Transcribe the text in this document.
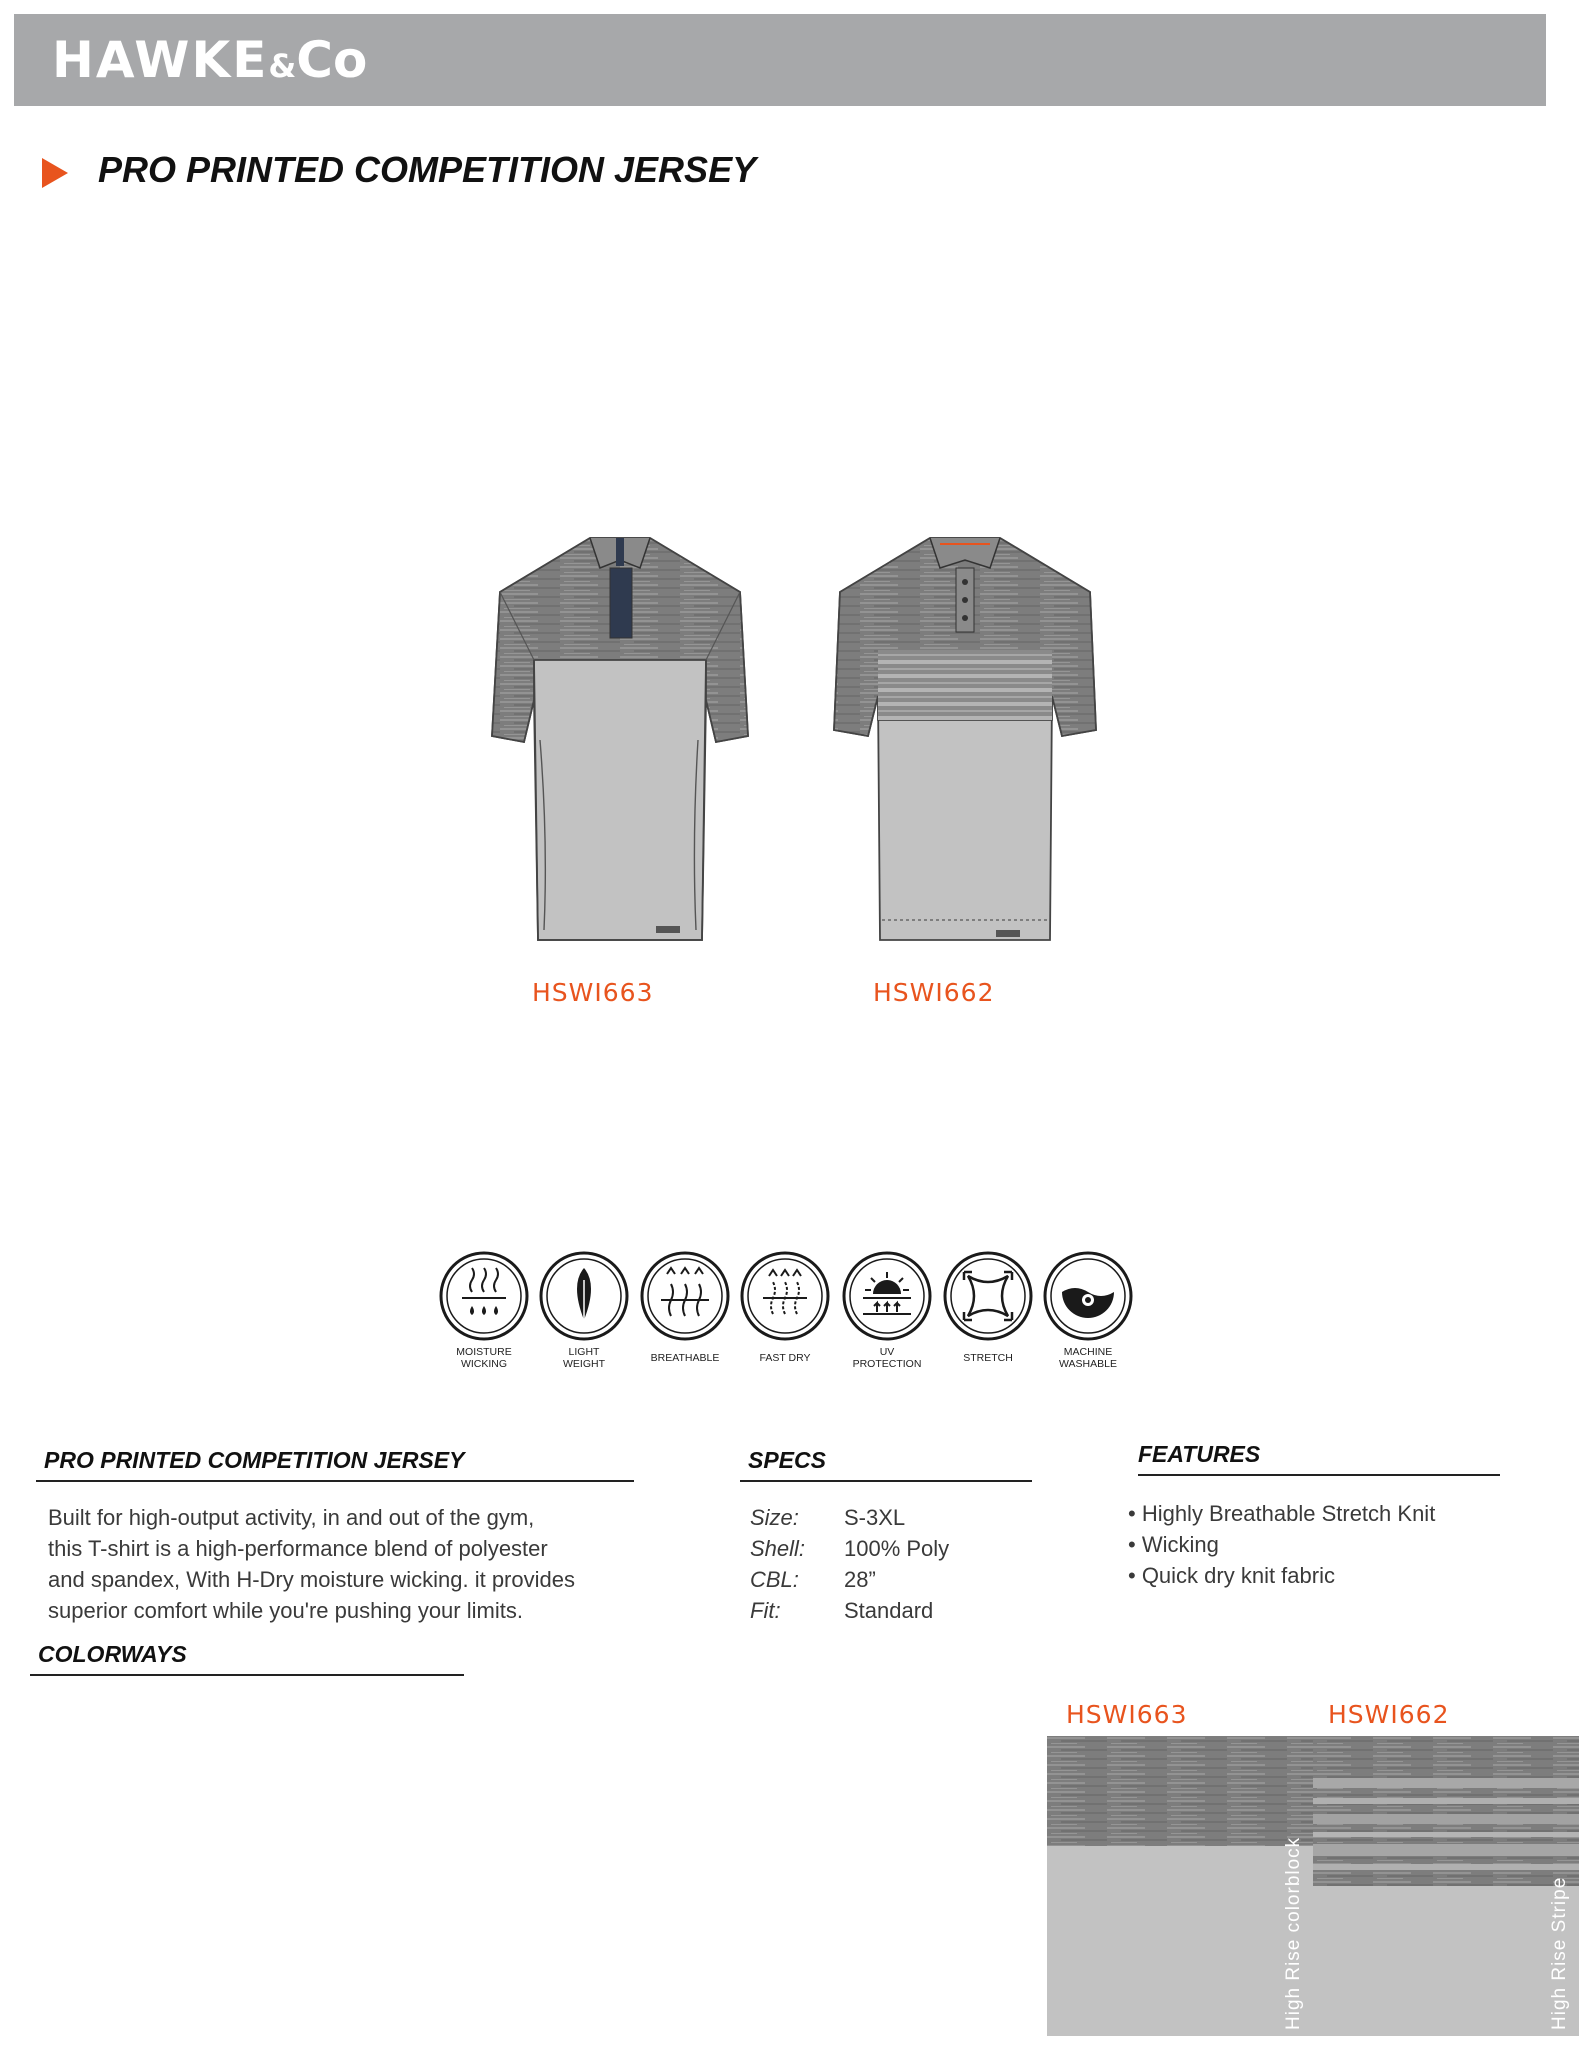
HAWKE&Co
PRO PRINTED COMPETITION JERSEY
HSWI663	HSWI662
MOISTURE
WICKING
LIGHT
WEIGHT	BREATHABLE	FAST DRY	UV
PROTECTION	STRETCH	MACHINE
WASHABLE
PRO PRINTED COMPETITION JERSEY
Built for high-output activity, in and out of the gym,
this T-shirt is a high-performance blend of polyester
and spandex, With H-Dry moisture wicking. it provides
superior comfort while you're pushing your limits.
SPECS
Size:	S-3XL
Shell:	100% Poly
CBL:	28”
Fit:	Standard
FEATURES
• Highly Breathable Stretch Knit
• Wicking
• Quick dry knit fabric
COLORWAYS
HSWI663	HSWI662
High Rise colorblock	High Rise Stripe
